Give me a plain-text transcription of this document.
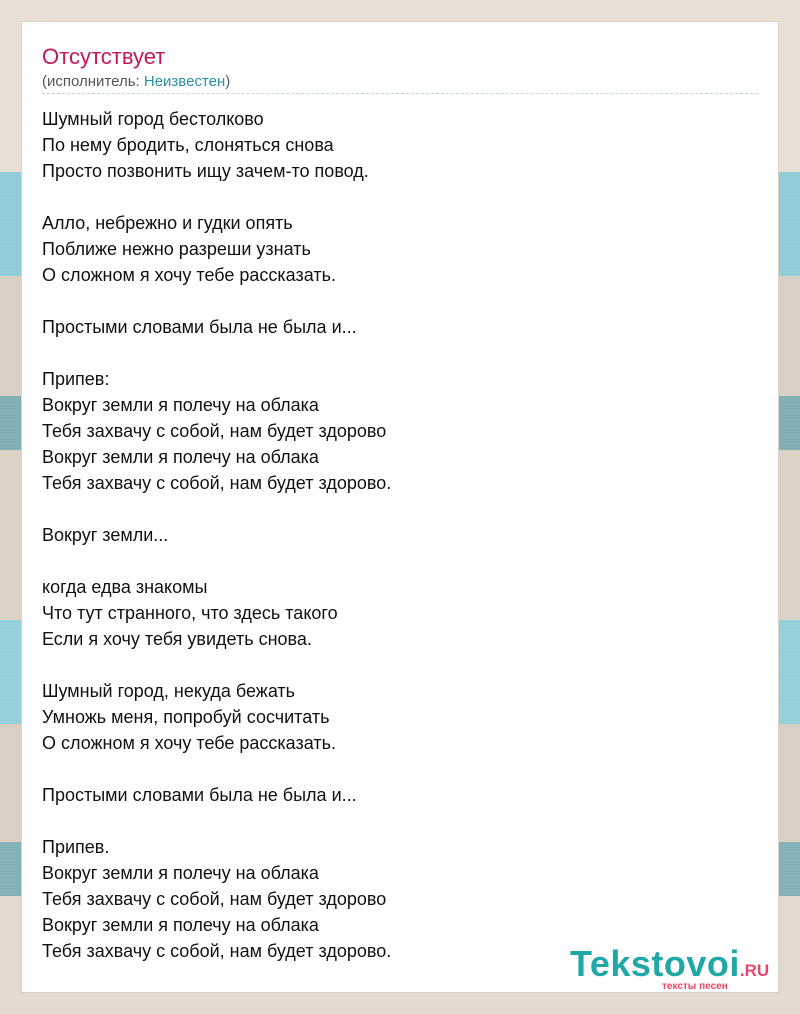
Отсутствует
(исполнитель: Неизвестен)
Шумный город бестолково
По нему бродить, слоняться снова
Просто позвонить ищу зачем-то повод.
Алло, небрежно и гудки опять
Поближе нежно разреши узнать
О сложном я хочу тебе рассказать.
Простыми словами была не была и...
Припев:
Вокруг земли я полечу на облака
Тебя захвачу с собой, нам будет здорово
Вокруг земли я полечу на облака
Тебя захвачу с собой, нам будет здорово.
Вокруг земли...
когда едва знакомы
Что тут странного, что здесь такого
Если я хочу тебя увидеть снова.
Шумный город, некуда бежать
Умножь меня, попробуй сосчитать
О сложном я хочу тебе рассказать.
Простыми словами была не была и...
Припев.
Вокруг земли я полечу на облака
Тебя захвачу с собой, нам будет здорово
Вокруг земли я полечу на облака
Тебя захвачу с собой, нам будет здорово.	Tekstovoi.RU
тексты песен
